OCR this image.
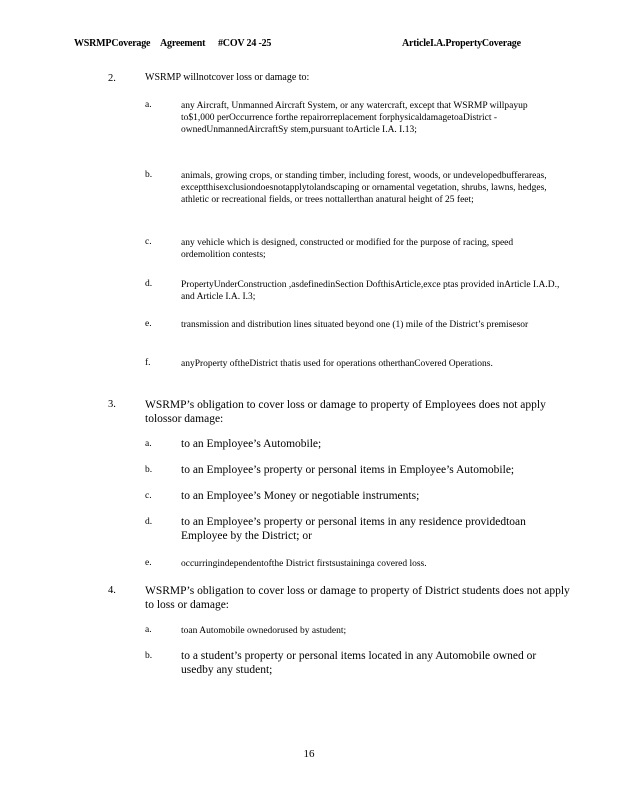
WSRMPCoverage Agreement #COV 24 -25	ArticleI.A.PropertyCoverage
2.	WSRMP willnotcover loss or damage to:
a.	any Aircraft, Unmanned Aircraft System, or any watercraft, except that WSRMP willpayup to$1,000 perOccurrence forthe repairorreplacement forphysicaldamagetoaDistrict -ownedUnmannedAircraftSy stem,pursuant toArticle I.A. I.13;
b.	animals, growing crops, or standing timber, including forest, woods, or undevelopedbufferareas, exceptthisexclusiondoesnotapplytolandscaping or ornamental vegetation, shrubs, lawns, hedges, athletic or recreational fields, or trees nottallerthan anatural height of 25 feet;
c.	any vehicle which is designed, constructed or modified for the purpose of racing, speed ordemolition contests;
d.	PropertyUnderConstruction ,asdefinedinSection DofthisArticle,exce ptas provided inArticle I.A.D., and Article I.A. I.3;
e.	transmission and distribution lines situated beyond one (1) mile of the District’s premisesor
f.	anyProperty oftheDistrict thatis used for operations otherthanCovered Operations.
3.	WSRMP’s obligation to cover loss or damage to property of Employees does not apply tolossor damage:
a.	to an Employee’s Automobile;
b.	to an Employee’s property or personal items in Employee’s Automobile;
c.	to an Employee’s Money or negotiable instruments;
d.	to an Employee’s property or personal items in any residence providedtoan Employee by the District; or
e.	occurringindependentofthe District firstsustaininga covered loss.
4.	WSRMP’s obligation to cover loss or damage to property of District students does not apply to loss or damage:
a.	toan Automobile ownedorused by astudent;
b.	to a student’s property or personal items located in any Automobile owned or usedby any student;
16
